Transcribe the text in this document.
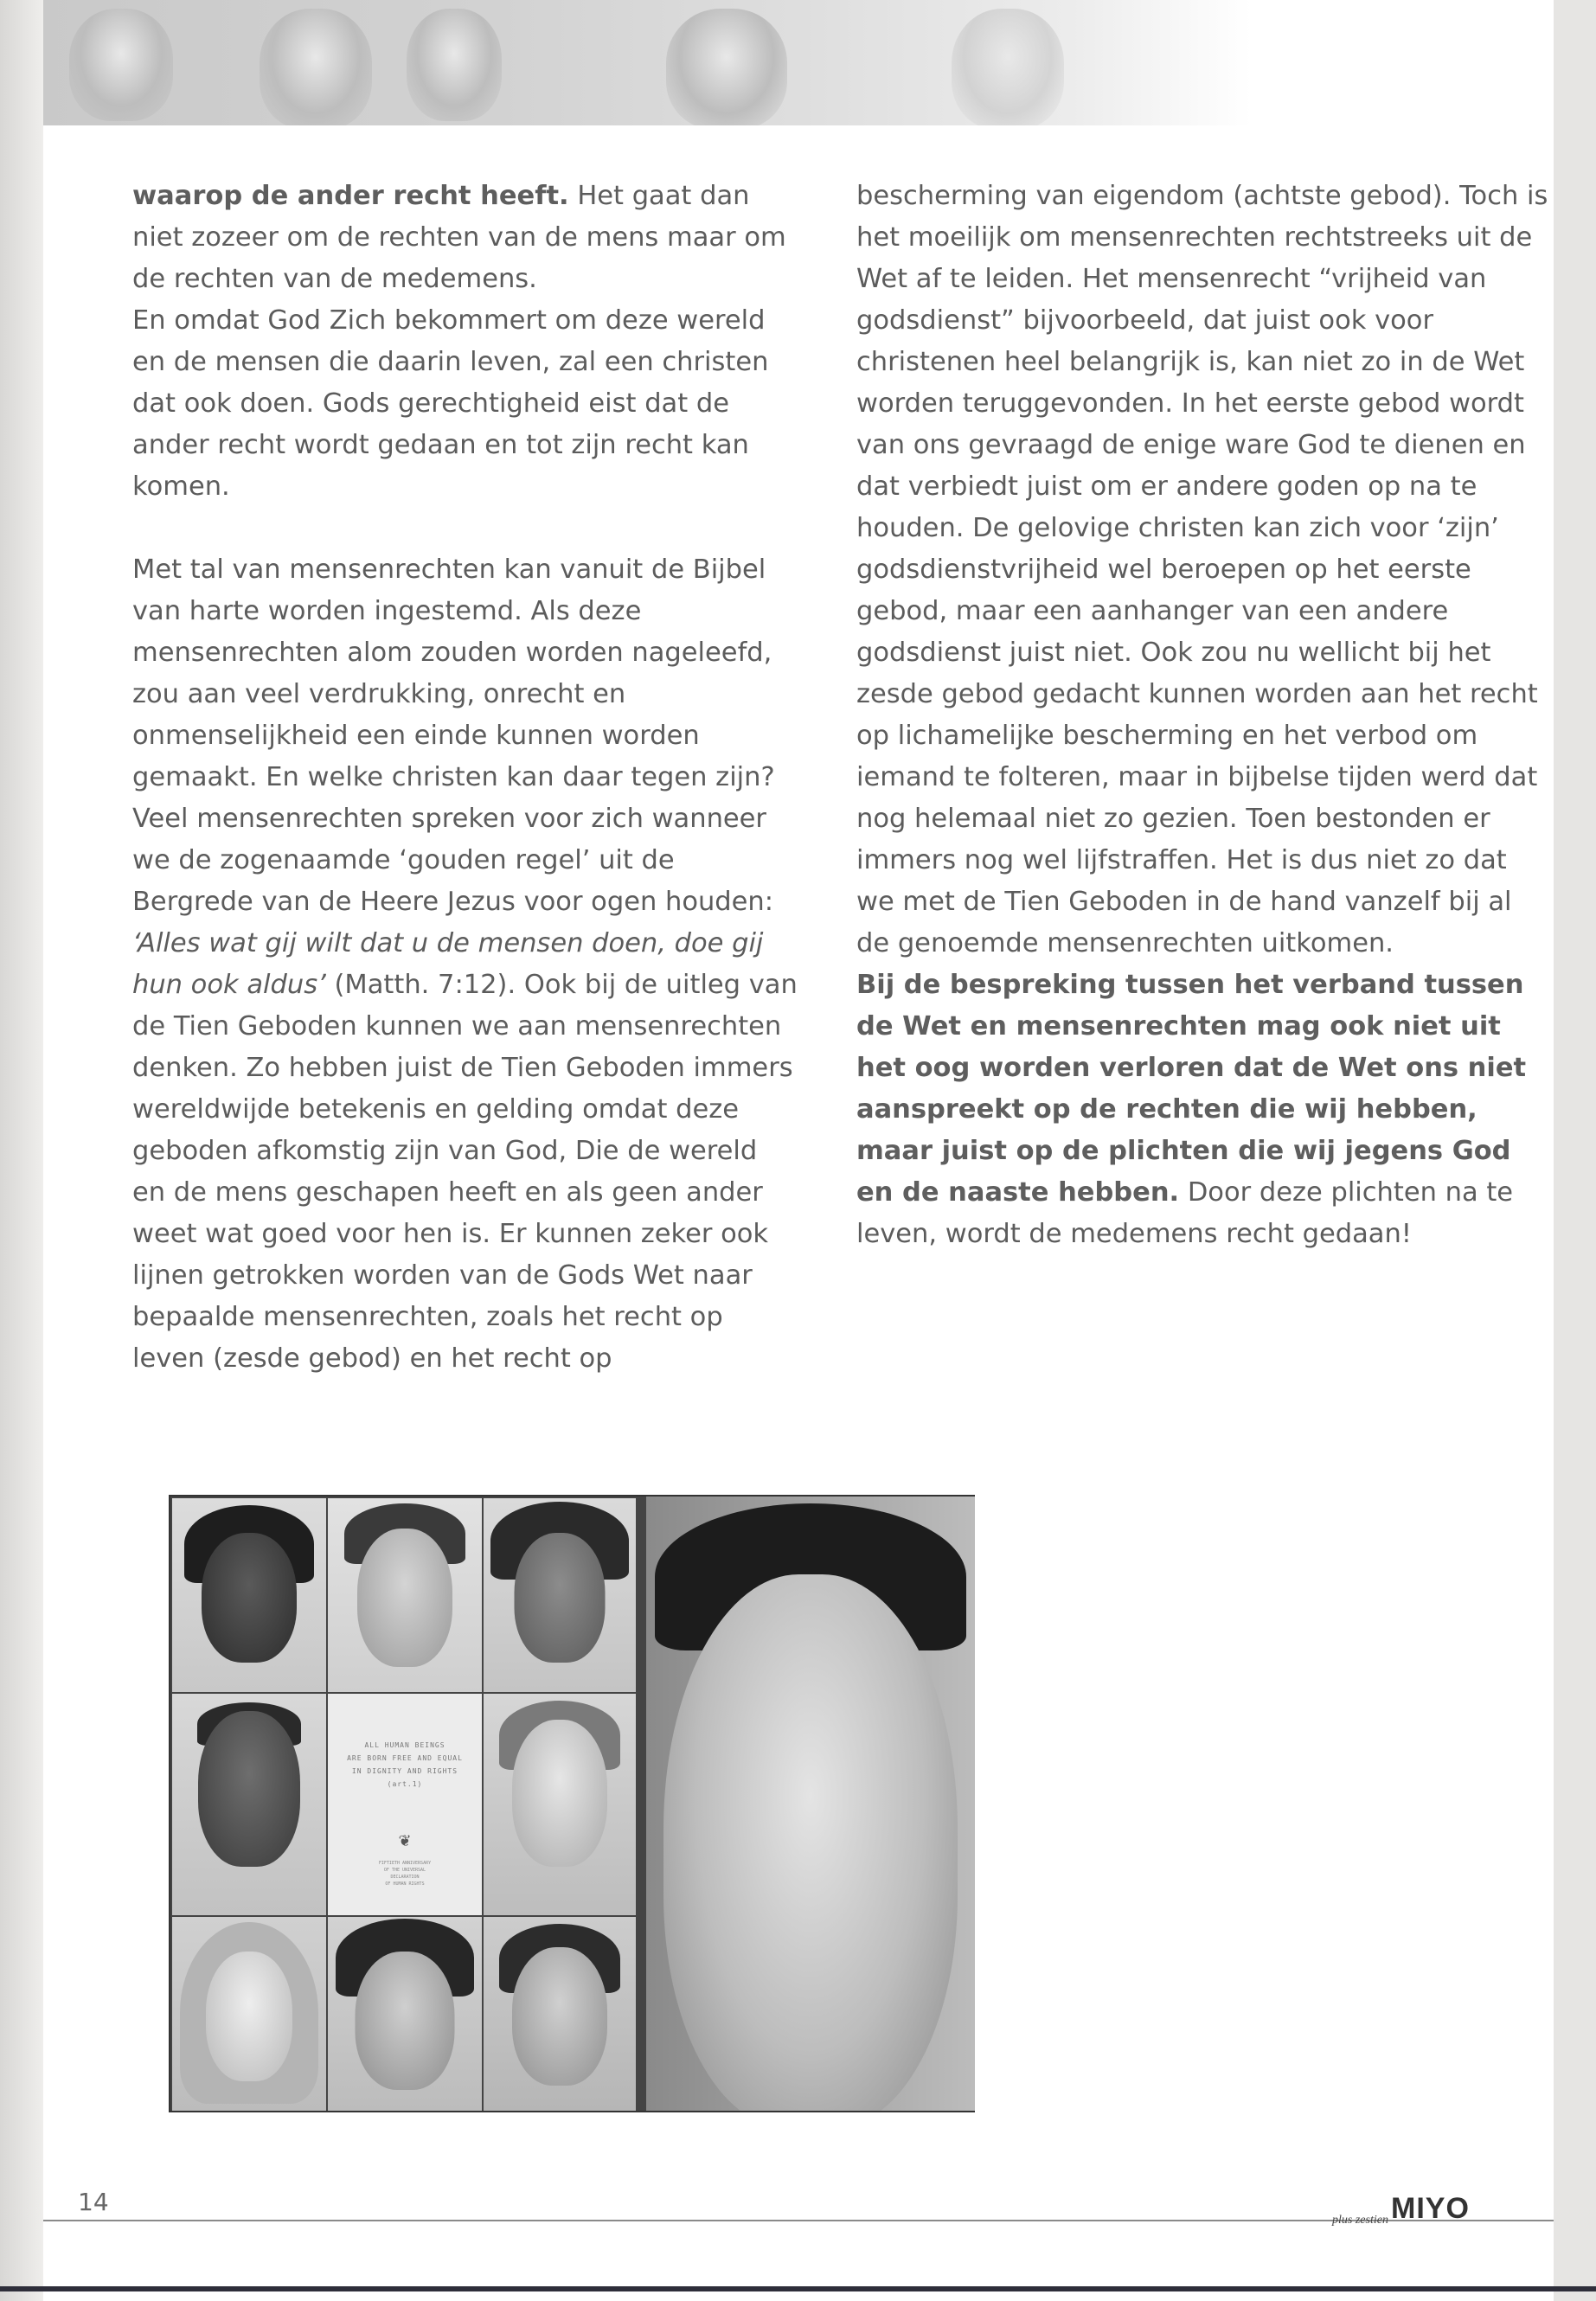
waarop de ander recht heeft. Het gaat dan niet zozeer om de rechten van de mens maar om de rechten van de medemens.

En omdat God Zich bekommert om deze wereld en de mensen die daarin leven, zal een christen dat ook doen. Gods gerechtigheid eist dat de ander recht wordt gedaan en tot zijn recht kan komen.

Met tal van mensenrechten kan vanuit de Bijbel van harte worden ingestemd. Als deze mensenrechten alom zouden worden nageleefd, zou aan veel verdrukking, onrecht en onmenselijkheid een einde kunnen worden gemaakt. En welke christen kan daar tegen zijn? Veel mensenrechten spreken voor zich wanneer we de zogenaamde ‘gouden regel’ uit de Bergrede van de Heere Jezus voor ogen houden: ‘Alles wat gij wilt dat u de mensen doen, doe gij hun ook aldus’ (Matth. 7:12). Ook bij de uitleg van de Tien Geboden kunnen we aan mensenrechten denken. Zo hebben juist de Tien Geboden immers wereldwijde betekenis en gelding omdat deze geboden afkomstig zijn van God, Die de wereld en de mens geschapen heeft en als geen ander weet wat goed voor hen is. Er kunnen zeker ook lijnen getrokken worden van de Gods Wet naar bepaalde mensenrechten, zoals het recht op leven (zesde gebod) en het recht op

bescherming van eigendom (achtste gebod). Toch is het moeilijk om mensenrechten rechtstreeks uit de Wet af te leiden. Het mensenrecht “vrijheid van godsdienst” bijvoorbeeld, dat juist ook voor christenen heel belangrijk is, kan niet zo in de Wet worden teruggevonden. In het eerste gebod wordt van ons gevraagd de enige ware God te dienen en dat verbiedt juist om er andere goden op na te houden. De gelovige christen kan zich voor ‘zijn’ godsdienstvrijheid wel beroepen op het eerste gebod, maar een aanhanger van een andere godsdienst juist niet. Ook zou nu wellicht bij het zesde gebod gedacht kunnen worden aan het recht op lichamelijke bescherming en het verbod om iemand te folteren, maar in bijbelse tijden werd dat nog helemaal niet zo gezien. Toen bestonden er immers nog wel lijfstraffen. Het is dus niet zo dat we met de Tien Geboden in de hand vanzelf bij al de genoemde mensenrechten uitkomen.

Bij de bespreking tussen het verband tussen de Wet en mensenrechten mag ook niet uit het oog worden verloren dat de Wet ons niet aanspreekt op de rechten die wij hebben, maar juist op de plichten die wij jegens God en de naaste hebben. Door deze plichten na te leven, wordt de medemens recht gedaan!

ALL HUMAN BEINGS
ARE BORN FREE AND EQUAL
IN DIGNITY AND RIGHTS
(art.1)
❦
FIFTIETH ANNIVERSARY
OF THE UNIVERSAL
DECLARATION
OF HUMAN RIGHTS
14
plus zestien MIYO
